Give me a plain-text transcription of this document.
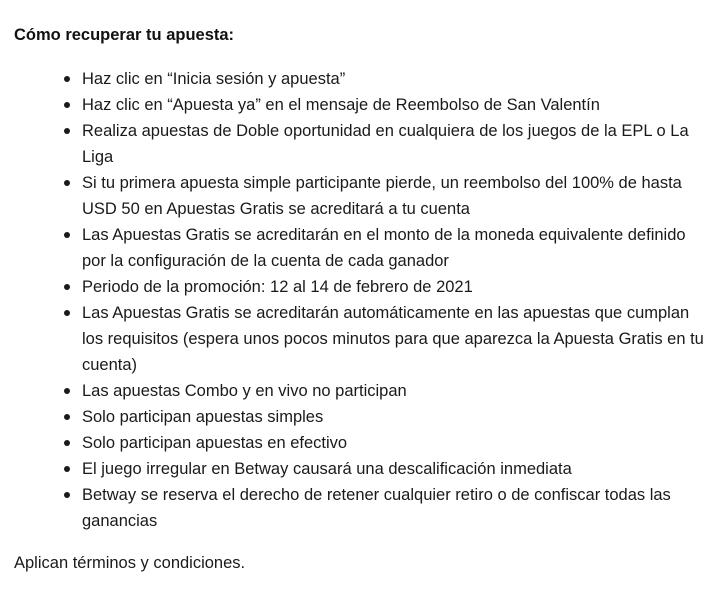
Cómo recuperar tu apuesta:

Haz clic en “Inicia sesión y apuesta”
Haz clic en “Apuesta ya” en el mensaje de Reembolso de San Valentín
Realiza apuestas de Doble oportunidad en cualquiera de los juegos de la EPL o La Liga
Si tu primera apuesta simple participante pierde, un reembolso del 100% de hasta USD 50 en Apuestas Gratis se acreditará a tu cuenta
Las Apuestas Gratis se acreditarán en el monto de la moneda equivalente definido por la configuración de la cuenta de cada ganador
Periodo de la promoción: 12 al 14 de febrero de 2021
Las Apuestas Gratis se acreditarán automáticamente en las apuestas que cumplan los requisitos (espera unos pocos minutos para que aparezca la Apuesta Gratis en tu cuenta)
Las apuestas Combo y en vivo no participan
Solo participan apuestas simples
Solo participan apuestas en efectivo
El juego irregular en Betway causará una descalificación inmediata
Betway se reserva el derecho de retener cualquier retiro o de confiscar todas las ganancias

Aplican términos y condiciones.
